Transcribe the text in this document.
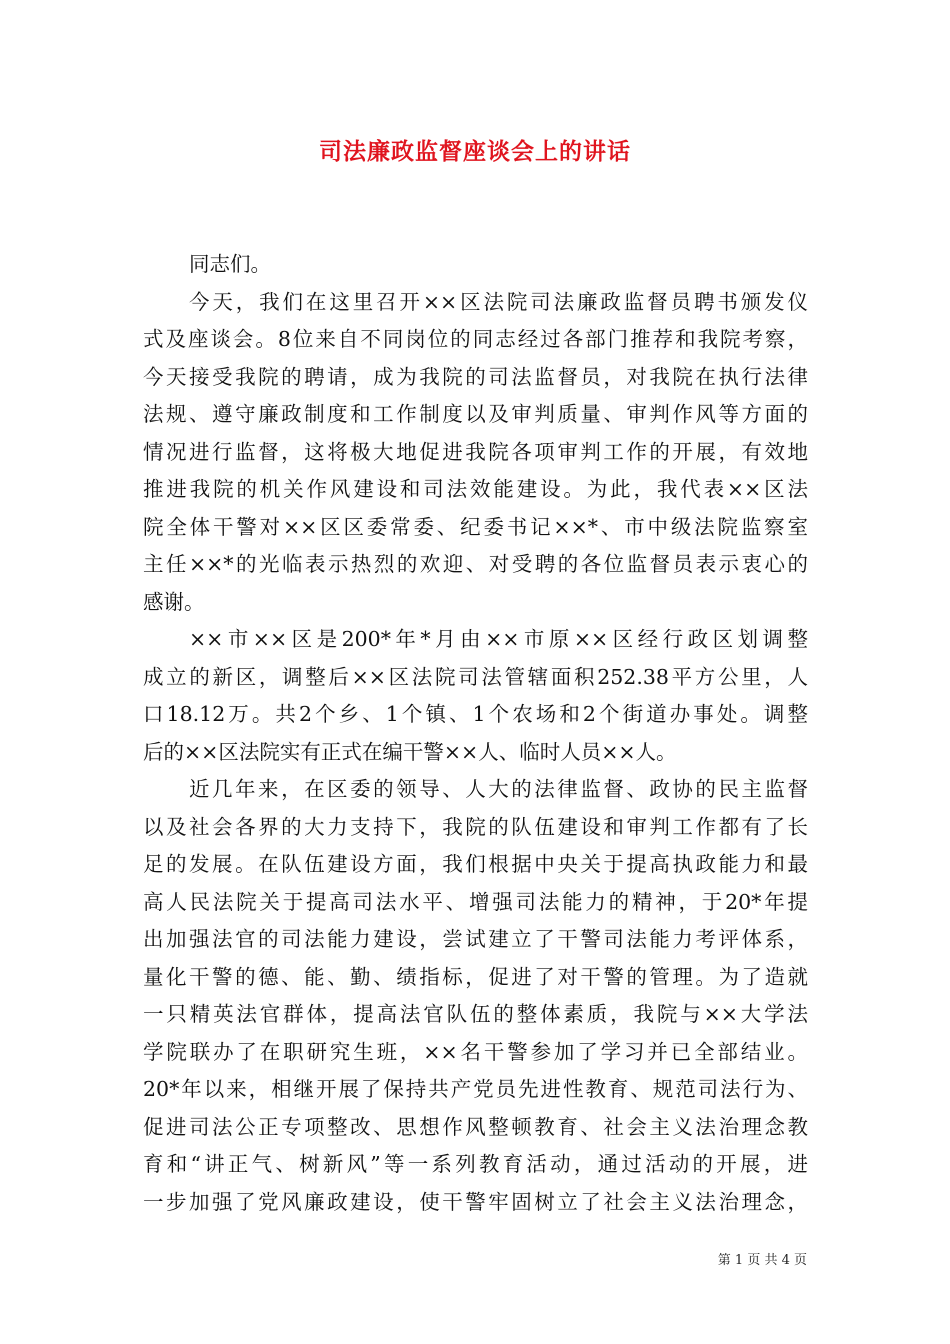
司法廉政监督座谈会上的讲话
同志们。
今天，我们在这里召开××区法院司法廉政监督员聘书颁发仪
式及座谈会。8位来自不同岗位的同志经过各部门推荐和我院考察，
今天接受我院的聘请，成为我院的司法监督员，对我院在执行法律
法规、遵守廉政制度和工作制度以及审判质量、审判作风等方面的
情况进行监督，这将极大地促进我院各项审判工作的开展，有效地
推进我院的机关作风建设和司法效能建设。为此，我代表××区法
院全体干警对××区区委常委、纪委书记××*、市中级法院监察室
主任××*的光临表示热烈的欢迎、对受聘的各位监督员表示衷心的
感谢。
××市××区是200*年*月由××市原××区经行政区划调整
成立的新区，调整后××区法院司法管辖面积252.38平方公里，人
口18.12万。共2个乡、1个镇、1个农场和2个街道办事处。调整
后的××区法院实有正式在编干警××人、临时人员××人。
近几年来，在区委的领导、人大的法律监督、政协的民主监督
以及社会各界的大力支持下，我院的队伍建设和审判工作都有了长
足的发展。在队伍建设方面，我们根据中央关于提高执政能力和最
高人民法院关于提高司法水平、增强司法能力的精神，于20*年提
出加强法官的司法能力建设，尝试建立了干警司法能力考评体系，
量化干警的德、能、勤、绩指标，促进了对干警的管理。为了造就
一只精英法官群体，提高法官队伍的整体素质，我院与××大学法
学院联办了在职研究生班，××名干警参加了学习并已全部结业。
20*年以来，相继开展了保持共产党员先进性教育、规范司法行为、
促进司法公正专项整改、思想作风整顿教育、社会主义法治理念教
育和“讲正气、树新风”等一系列教育活动，通过活动的开展，进
一步加强了党风廉政建设，使干警牢固树立了社会主义法治理念，
第 1 页 共 4 页
